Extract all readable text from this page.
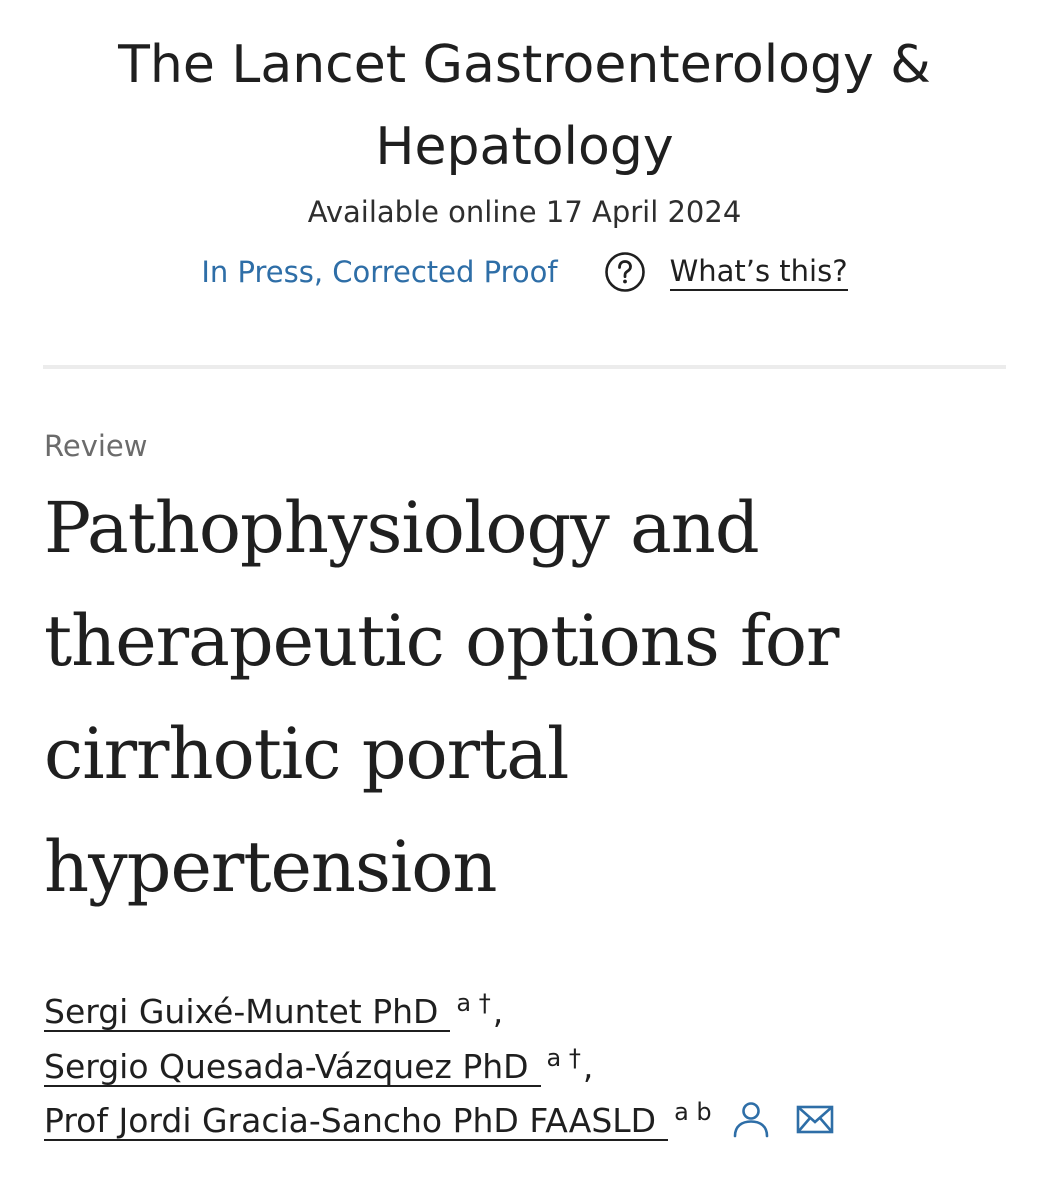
The Lancet Gastroenterology &
Hepatology
Available online 17 April 2024
In Press, Corrected Proof	What’s this?
Review
Pathophysiology and
therapeutic options for
cirrhotic portal
hypertension
Sergi Guixé-Muntet PhD a † ,
Sergio Quesada-Vázquez PhD a † ,
Prof Jordi Gracia-Sancho PhD FAASLD a b
